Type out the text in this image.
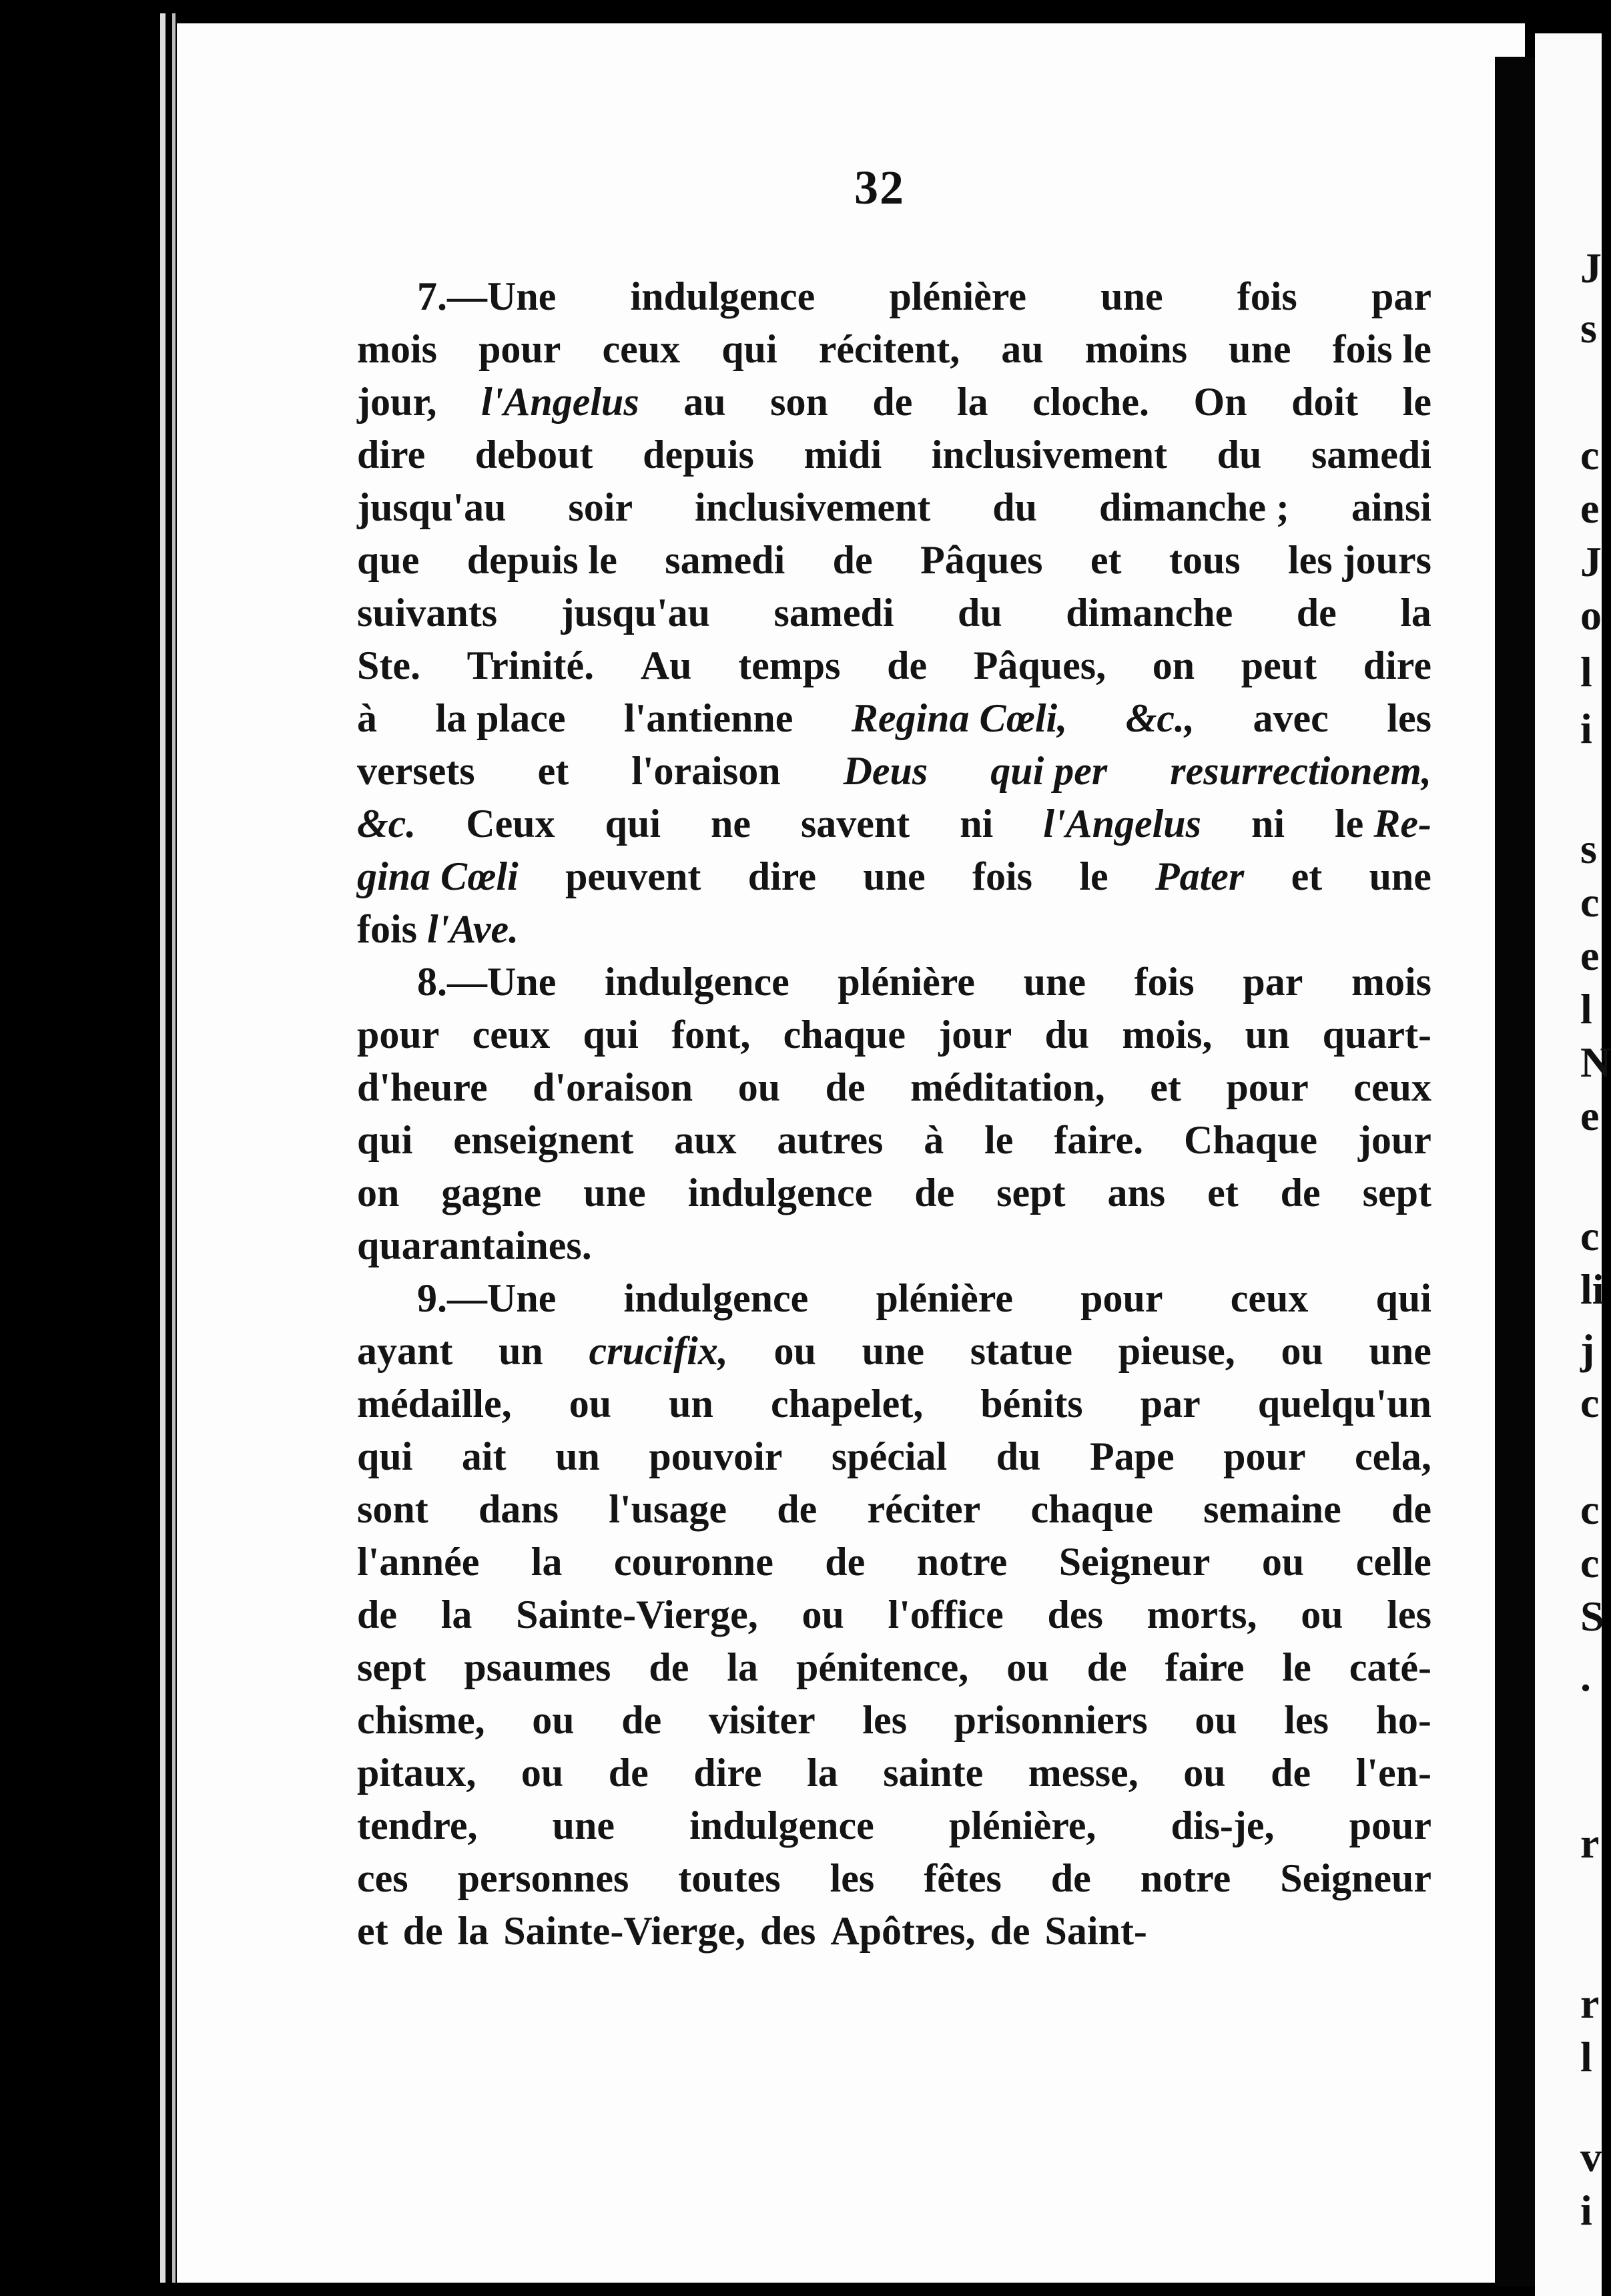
J
s
c
e
J
o
l
i
s
c
e
l
N
e
c
li
j
c
c
c
S
.
r
r
l
v
i
32
7.—Une indulgence plénière une fois par
mois pour ceux qui récitent, au moins une fois le
jour, l'Angelus au son de la cloche. On doit le
dire debout depuis midi inclusivement du samedi
jusqu'au soir inclusivement du dimanche ; ainsi
que depuis le samedi de Pâques et tous les jours
suivants jusqu'au samedi du dimanche de la
Ste. Trinité. Au temps de Pâques, on peut dire
à la place l'antienne Regina Cœli, &c., avec les
versets et l'oraison Deus qui per resurrectionem,
&c. Ceux qui ne savent ni l'Angelus ni le Re-
gina Cœli peuvent dire une fois le Pater et une
fois l'Ave.
8.—Une indulgence plénière une fois par mois
pour ceux qui font, chaque jour du mois, un quart-
d'heure d'oraison ou de méditation, et pour ceux
qui enseignent aux autres à le faire. Chaque jour
on gagne une indulgence de sept ans et de sept
quarantaines.
9.—Une indulgence plénière pour ceux qui
ayant un crucifix, ou une statue pieuse, ou une
médaille, ou un chapelet, bénits par quelqu'un
qui ait un pouvoir spécial du Pape pour cela,
sont dans l'usage de réciter chaque semaine de
l'année la couronne de notre Seigneur ou celle
de la Sainte-Vierge, ou l'office des morts, ou les
sept psaumes de la pénitence, ou de faire le caté-
chisme, ou de visiter les prisonniers ou les ho-
pitaux, ou de dire la sainte messe, ou de l'en-
tendre, une indulgence plénière, dis-je, pour
ces personnes toutes les fêtes de notre Seigneur
et de la Sainte-Vierge, des Apôtres, de Saint-
